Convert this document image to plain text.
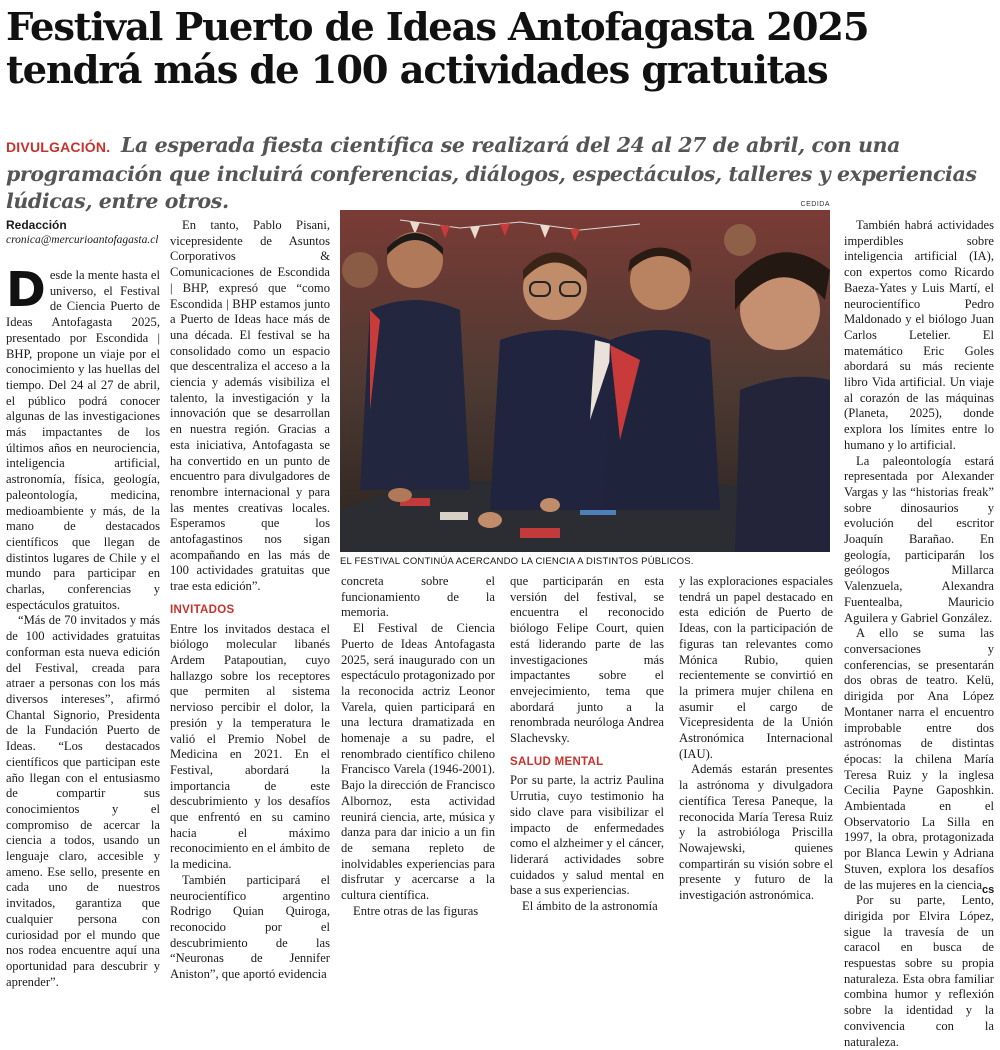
Festival Puerto de Ideas Antofagasta 2025
tendrá más de 100 actividades gratuitas
DIVULGACIÓN. La esperada fiesta científica se realizará del 24 al 27 de abril, con una programación que incluirá conferencias, diálogos, espectáculos, talleres y experiencias lúdicas, entre otros.
Redacción
cronica@mercurioantofagasta.cl

Desde la mente hasta el universo, el Festival de Ciencia Puerto de Ideas Antofagasta 2025, presentado por Escondida | BHP, propone un viaje por el conocimiento y las huellas del tiempo. Del 24 al 27 de abril, el público podrá conocer algunas de las investigaciones más impactantes de los últimos años en neurociencia, inteligencia artificial, astronomía, física, geología, paleontología, medicina, medioambiente y más, de la mano de destacados científicos que llegan de distintos lugares de Chile y el mundo para participar en charlas, conferencias y espectáculos gratuitos.

“Más de 70 invitados y más de 100 actividades gratuitas conforman esta nueva edición del Festival, creada para atraer a personas con los más diversos intereses”, afirmó Chantal Signorio, Presidenta de la Fundación Puerto de Ideas. “Los destacados científicos que participan este año llegan con el entusiasmo de compartir sus conocimientos y el compromiso de acercar la ciencia a todos, usando un lenguaje claro, accesible y ameno. Ese sello, presente en cada uno de nuestros invitados, garantiza que cualquier persona con curiosidad por el mundo que nos rodea encuentre aquí una oportunidad para descubrir y aprender”.

En tanto, Pablo Pisani, vicepresidente de Asuntos Corporativos & Comunicaciones de Escondida | BHP, expresó que “como Escondida | BHP estamos junto a Puerto de Ideas hace más de una década. El festival se ha consolidado como un espacio que descentraliza el acceso a la ciencia y además visibiliza el talento, la investigación y la innovación que se desarrollan en nuestra región. Gracias a esta iniciativa, Antofagasta se ha convertido en un punto de encuentro para divulgadores de renombre internacional y para las mentes creativas locales. Esperamos que los antofagastinos nos sigan acompañando en las más de 100 actividades gratuitas que trae esta edición”.

INVITADOS

Entre los invitados destaca el biólogo molecular libanés Ardem Patapoutian, cuyo hallazgo sobre los receptores que permiten al sistema nervioso percibir el dolor, la presión y la temperatura le valió el Premio Nobel de Medicina en 2021. En el Festival, abordará la importancia de este descubrimiento y los desafíos que enfrentó en su camino hacia el máximo reconocimiento en el ámbito de la medicina.

También participará el neurocientífico argentino Rodrigo Quian Quiroga, reconocido por el descubrimiento de las “Neuronas de Jennifer Aniston”, que aportó evidencia

CEDIDA
EL FESTIVAL CONTINÚA ACERCANDO LA CIENCIA A DISTINTOS PÚBLICOS.

concreta sobre el funcionamiento de la memoria.

El Festival de Ciencia Puerto de Ideas Antofagasta 2025, será inaugurado con un espectáculo protagonizado por la reconocida actriz Leonor Varela, quien participará en una lectura dramatizada en homenaje a su padre, el renombrado científico chileno Francisco Varela (1946-2001). Bajo la dirección de Francisco Albornoz, esta actividad reunirá ciencia, arte, música y danza para dar inicio a un fin de semana repleto de inolvidables experiencias para disfrutar y acercarse a la cultura científica.

Entre otras de las figuras

que participarán en esta versión del festival, se encuentra el reconocido biólogo Felipe Court, quien está liderando parte de las investigaciones más impactantes sobre el envejecimiento, tema que abordará junto a la renombrada neuróloga Andrea Slachevsky.

SALUD MENTAL

Por su parte, la actriz Paulina Urrutia, cuyo testimonio ha sido clave para visibilizar el impacto de enfermedades como el alzheimer y el cáncer, liderará actividades sobre cuidados y salud mental en base a sus experiencias.

El ámbito de la astronomía

y las exploraciones espaciales tendrá un papel destacado en esta edición de Puerto de Ideas, con la participación de figuras tan relevantes como Mónica Rubio, quien recientemente se convirtió en la primera mujer chilena en asumir el cargo de Vicepresidenta de la Unión Astronómica Internacional (IAU).

Además estarán presentes la astrónoma y divulgadora científica Teresa Paneque, la reconocida María Teresa Ruiz y la astrobióloga Priscilla Nowajewski, quienes compartirán su visión sobre el presente y futuro de la investigación astronómica.

También habrá actividades imperdibles sobre inteligencia artificial (IA), con expertos como Ricardo Baeza-Yates y Luis Martí, el neurocientífico Pedro Maldonado y el biólogo Juan Carlos Letelier. El matemático Eric Goles abordará su más reciente libro Vida artificial. Un viaje al corazón de las máquinas (Planeta, 2025), donde explora los límites entre lo humano y lo artificial.

La paleontología estará representada por Alexander Vargas y las “historias freak” sobre dinosaurios y evolución del escritor Joaquín Barañao. En geología, participarán los geólogos Millarca Valenzuela, Alexandra Fuentealba, Mauricio Aguilera y Gabriel González.

A ello se suma las conversaciones y conferencias, se presentarán dos obras de teatro. Kelü, dirigida por Ana López Montaner narra el encuentro improbable entre dos astrónomas de distintas épocas: la chilena María Teresa Ruiz y la inglesa Cecilia Payne Gaposhkin. Ambientada en el Observatorio La Silla en 1997, la obra, protagonizada por Blanca Lewin y Adriana Stuven, explora los desafíos de las mujeres en la ciencia.

Por su parte, Lento, dirigida por Elvira López, sigue la travesía de un caracol en busca de respuestas sobre su propia naturaleza. Esta obra familiar combina humor y reflexión sobre la identidad y la convivencia con la naturaleza.

cs
